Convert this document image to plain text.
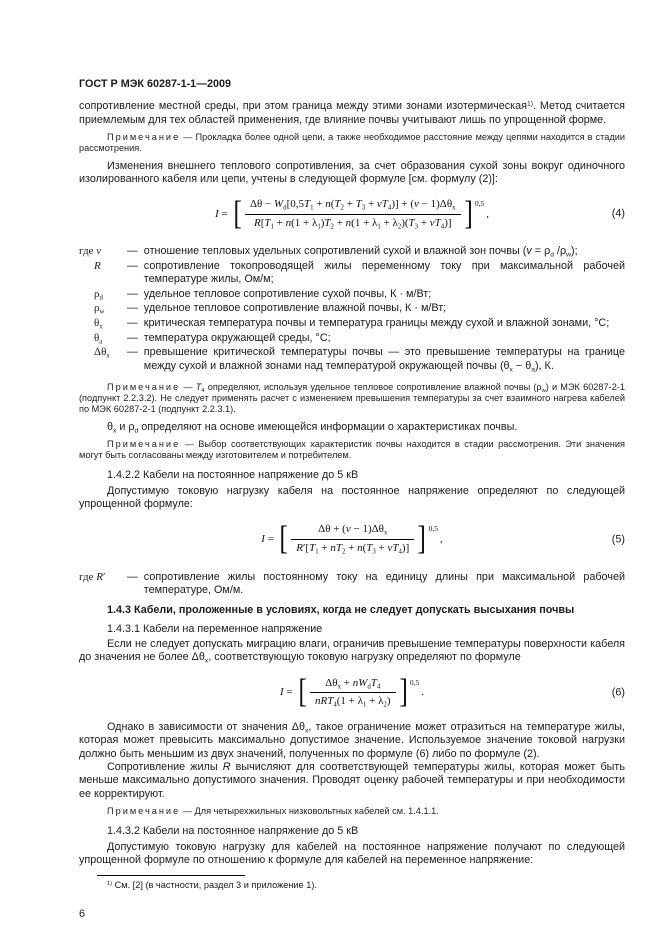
ГОСТ Р МЭК 60287-1-1—2009

сопротивление местной среды, при этом граница между этими зонами изотермическая$^{1)}$. Метод считается приемлемым для тех областей применения, где влияние почвы учитывают лишь по упрощенной форме.

Примечание — Прокладка более одной цепи, а также необходимое расстояние между цепями находится в стадии рассмотрения.

Изменения внешнего теплового сопротивления, за счет образования сухой зоны вокруг одиночного изолированного кабеля или цепи, учтены в следующей формуле [см. формулу (2)]:

I = [ $\frac{\Delta\theta - W_d[0,5T_1 + n(T_2 + T_3 + vT_4)] + (v - 1)\Delta\theta_x}{R[T_1 + n(1 + \lambda_1)T_2 + n(1 + \lambda_1 + \lambda_2)(T_3 + vT_4)]}$ ] 0,5
,	(4)
где v	— отношение тепловых удельных сопротивлений сухой и влажной зон почвы ($v = \rho_d$ $/\rho_w$);
R	— сопротивление токопроводящей жилы переменному току при максимальной рабочей температуре жилы, Ом/м;
$\rho_d$	— удельное тепловое сопротивление сухой почвы, К · м/Вт;
$\rho_w$	— удельное тепловое сопротивление влажной почвы, К · м/Вт;
$\theta_x$	— критическая температура почвы и температура границы между сухой и влажной зонами, °С;
$\theta_a$	— температура окружающей среды, °С;
$\Delta\theta_x$	— превышение критической температуры почвы — это превышение температуры на границе между сухой и влажной зонами над температурой окружающей почвы $(\theta_x - \theta_a)$, К.

Примечание — $T_4$ определяют, используя удельное тепловое сопротивление влажной почвы $(\rho_w)$ и МЭК 60287-2-1 (подпункт 2.2.3.2). Не следует применять расчет с изменением превышения температуры за счет взаимного нагрева кабелей по МЭК 60287-2-1 (подпункт 2.2.3.1).

$\theta_x$ и $\rho_d$ определяют на основе имеющейся информации о характеристиках почвы.

Примечание — Выбор соответствующих характеристик почвы находится в стадии рассмотрения. Эти значения могут быть согласованы между изготовителем и потребителем.

1.4.2.2 Кабели на постоянное напряжение до 5 кВ

Допустимую токовую нагрузку кабеля на постоянное напряжение определяют по следующей упрощенной формуле:

I = [ $\frac{\Delta\theta + (v - 1)\Delta\theta_x}{R'[T_1 + nT_2 + n(T_3 + vT_4)]}$ ] 0,5
,	(5)
где R′	— сопротивление жилы постоянному току на единицу длины при максимальной рабочей температуре, Ом/м.

1.4.3 Кабели, проложенные в условиях, когда не следует допускать высыхания почвы

1.4.3.1 Кабели на переменное напряжение

Если не следует допускать миграцию влаги, ограничив превышение температуры поверхности кабеля до значения не более $\Delta\theta_x$, соответствующую токовую нагрузку определяют по формуле

I = [ $\frac{\Delta\theta_x + nW_dT_4}{nRT_4(1 + \lambda_1 + \lambda_2)}$ ] 0,5
.	(6)

Однако в зависимости от значения $\Delta\theta_x$, такое ограничение может отразиться на температуре жилы, которая может превысить максимально допустимое значение. Используемое значение токовой нагрузки должно быть меньшим из двух значений, полученных по формуле (6) либо по формуле (2).

Сопротивление жилы R вычисляют для соответствующей температуры жилы, которая может быть меньше максимально допустимого значения. Проводят оценку рабочей температуры и при необходимости ее корректируют.

Примечание — Для четырехжильных низковольтных кабелей см. 1.4.1.1.

1.4.3.2 Кабели на постоянное напряжение до 5 кВ

Допустимую токовую нагрузку для кабелей на постоянное напряжение получают по следующей упрощенной формуле по отношению к формуле для кабелей на переменное напряжение:

$^{1)}$ См. [2] (в частности, раздел 3 и приложение 1).
6
